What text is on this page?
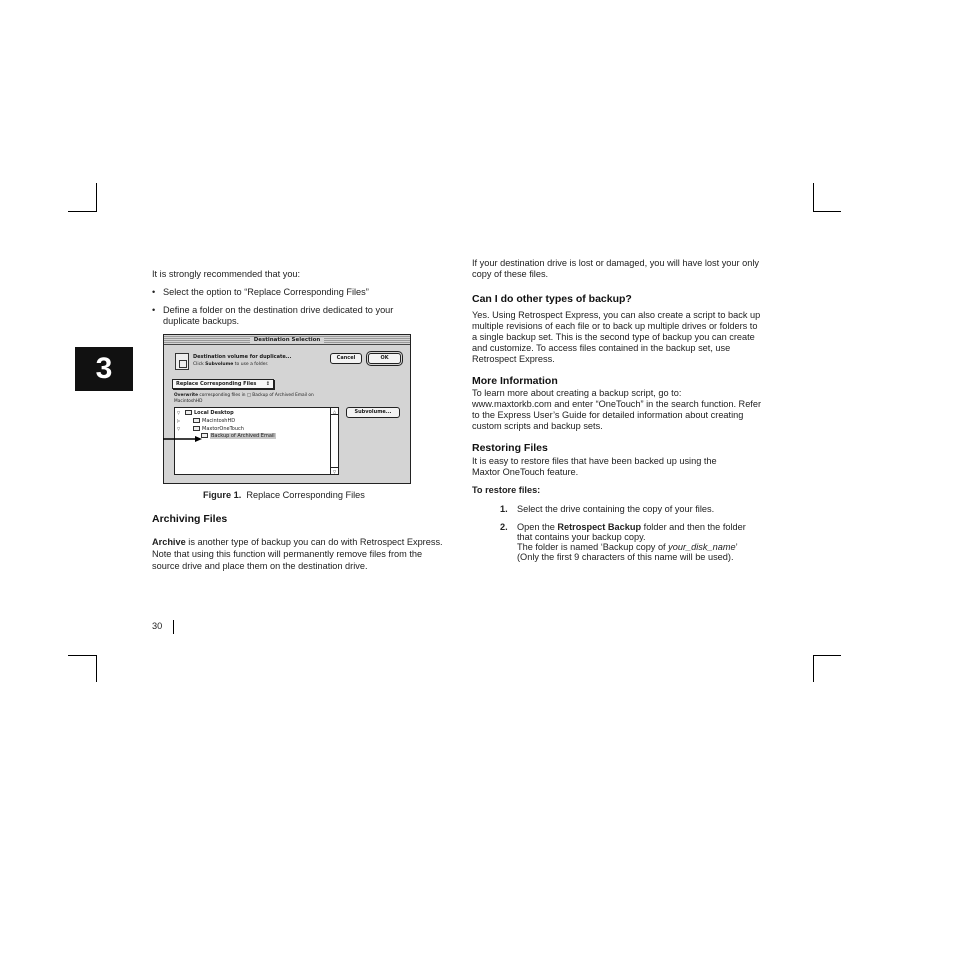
3
It is strongly recommended that you:
• Select the option to “Replace Corresponding Files”
• Define a folder on the destination drive dedicated to your duplicate backups.
Destination Selection
Destination volume for duplicate...
Click Subvolume to use a folder.
Cancel	OK
Replace Corresponding Files ↕
Overwrite corresponding files in □ Backup of Archived Email on MacintoshHD
Subvolume...
▽	Local Desktop
▷	MacintoshHD
▽	MaxtorOneTouch
Backup of Archived Email
△
▽
Figure 1. Replace Corresponding Files
Archiving Files
Archive is another type of backup you can do with Retrospect Express. Note that using this function will permanently remove files from the source drive and place them on the destination drive.
30
If your destination drive is lost or damaged, you will have lost your only copy of these files.
Can I do other types of backup?
Yes. Using Retrospect Express, you can also create a script to back up multiple revisions of each file or to back up multiple drives or folders to a single backup set. This is the second type of backup you can create and customize. To access files contained in the backup set, use Retrospect Express.
More Information
To learn more about creating a backup script, go to: www.maxtorkb.com and enter “OneTouch” in the search function. Refer to the Express User’s Guide for detailed information about creating custom scripts and backup sets.
Restoring Files
It is easy to restore files that have been backed up using the Maxtor OneTouch feature.
To restore files:
1. Select the drive containing the copy of your files.
2. Open the Retrospect Backup folder and then the folder that contains your backup copy.
The folder is named ‘Backup copy of your_disk_name’
(Only the first 9 characters of this name will be used).
